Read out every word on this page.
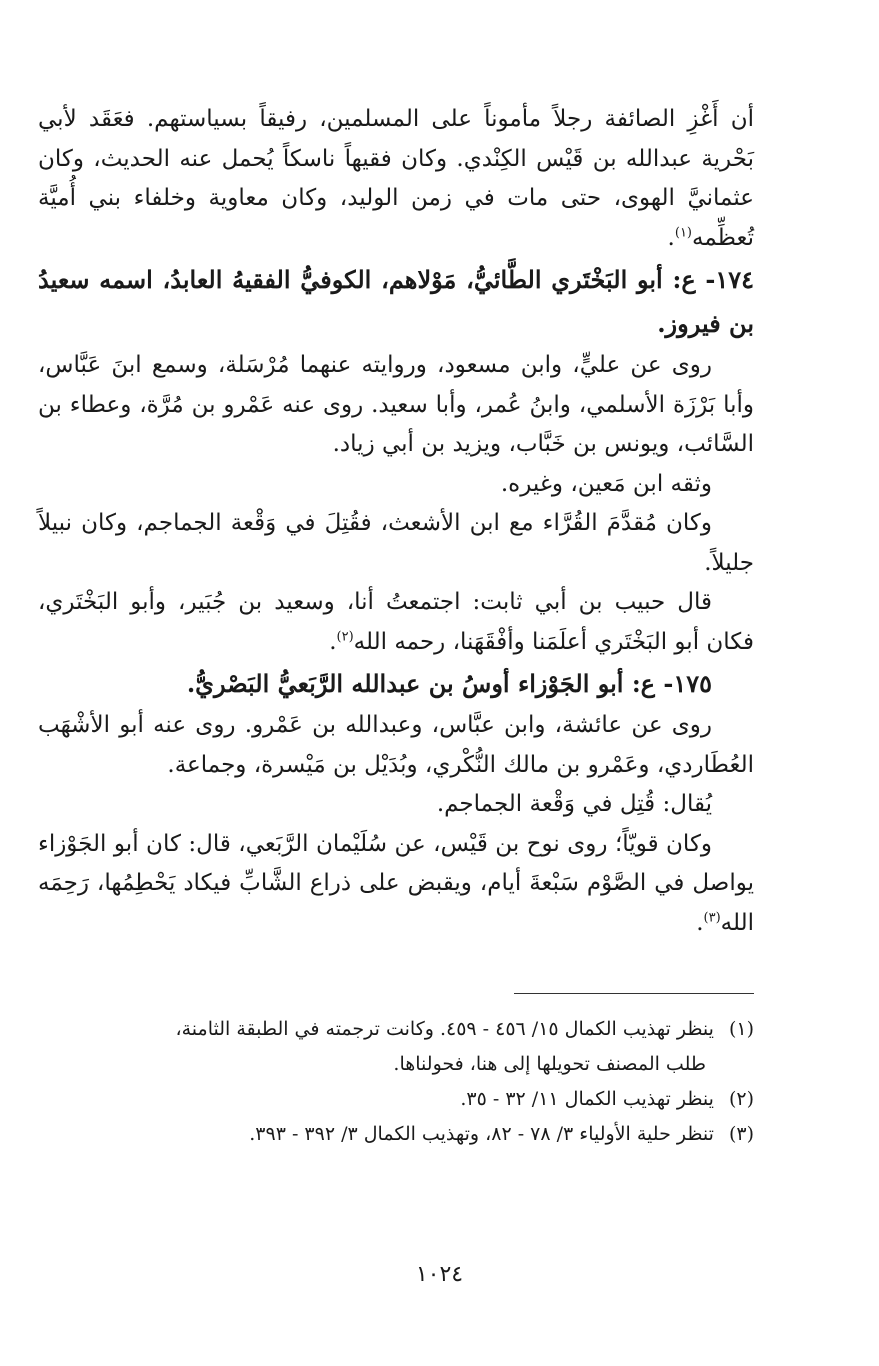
أن أَغْزِ الصائفة رجلاً مأموناً على المسلمين، رفيقاً بسياستهم. فعَقَد لأبي بَحْرية عبدالله بن قَيْس الكِنْدي. وكان فقيهاً ناسكاً يُحمل عنه الحديث، وكان عثمانيَّ الهوى، حتى مات في زمن الوليد، وكان معاوية وخلفاء بني أُميَّة تُعظِّمه$^{(١)}$.

١٧٤- ع: أبو البَخْتَري الطَّائيُّ، مَوْلاهم، الكوفيُّ الفقيهُ العابدُ، اسمه سعيدُ بن فيروز.

روى عن عليٍّ، وابن مسعود، وروايته عنهما مُرْسَلة، وسمع ابنَ عَبَّاس، وأبا بَرْزَة الأسلمي، وابنُ عُمر، وأبا سعيد. روى عنه عَمْرو بن مُرَّة، وعطاء بن السَّائب، ويونس بن خَبَّاب، ويزيد بن أبي زياد.

وثقه ابن مَعين، وغيره.

وكان مُقدَّمَ القُرَّاء مع ابن الأشعث، فقُتِلَ في وَقْعة الجماجم، وكان نبيلاً جليلاً.

قال حبيب بن أبي ثابت: اجتمعتُ أنا، وسعيد بن جُبَير، وأبو البَخْتَري، فكان أبو البَخْتَري أعلَمَنا وأفْقَهَنا، رحمه الله$^{(٢)}$.

١٧٥- ع: أبو الجَوْزاء أوسُ بن عبدالله الرَّبَعيُّ البَصْريُّ.

روى عن عائشة، وابن عبَّاس، وعبدالله بن عَمْرو. روى عنه أبو الأشْهَب العُطَاردي، وعَمْرو بن مالك النُّكْري، وبُدَيْل بن مَيْسرة، وجماعة.

يُقال: قُتِل في وَقْعة الجماجم.

وكان قويّاً؛ روى نوح بن قَيْس، عن سُلَيْمان الرَّبَعي، قال: كان أبو الجَوْزاء يواصل في الصَّوْم سَبْعةَ أيام، ويقبض على ذراع الشَّابِّ فيكاد يَحْطِمُها، رَحِمَه الله$^{(٣)}$.

(١) ينظر تهذيب الكمال ١٥/ ٤٥٦ - ٤٥٩. وكانت ترجمته في الطبقة الثامنة،

طلب المصنف تحويلها إلى هنا، فحولناها.

(٢) ينظر تهذيب الكمال ١١/ ٣٢ - ٣٥.

(٣) تنظر حلية الأولياء ٣/ ٧٨ - ٨٢، وتهذيب الكمال ٣/ ٣٩٢ - ٣٩٣.

١٠٢٤
